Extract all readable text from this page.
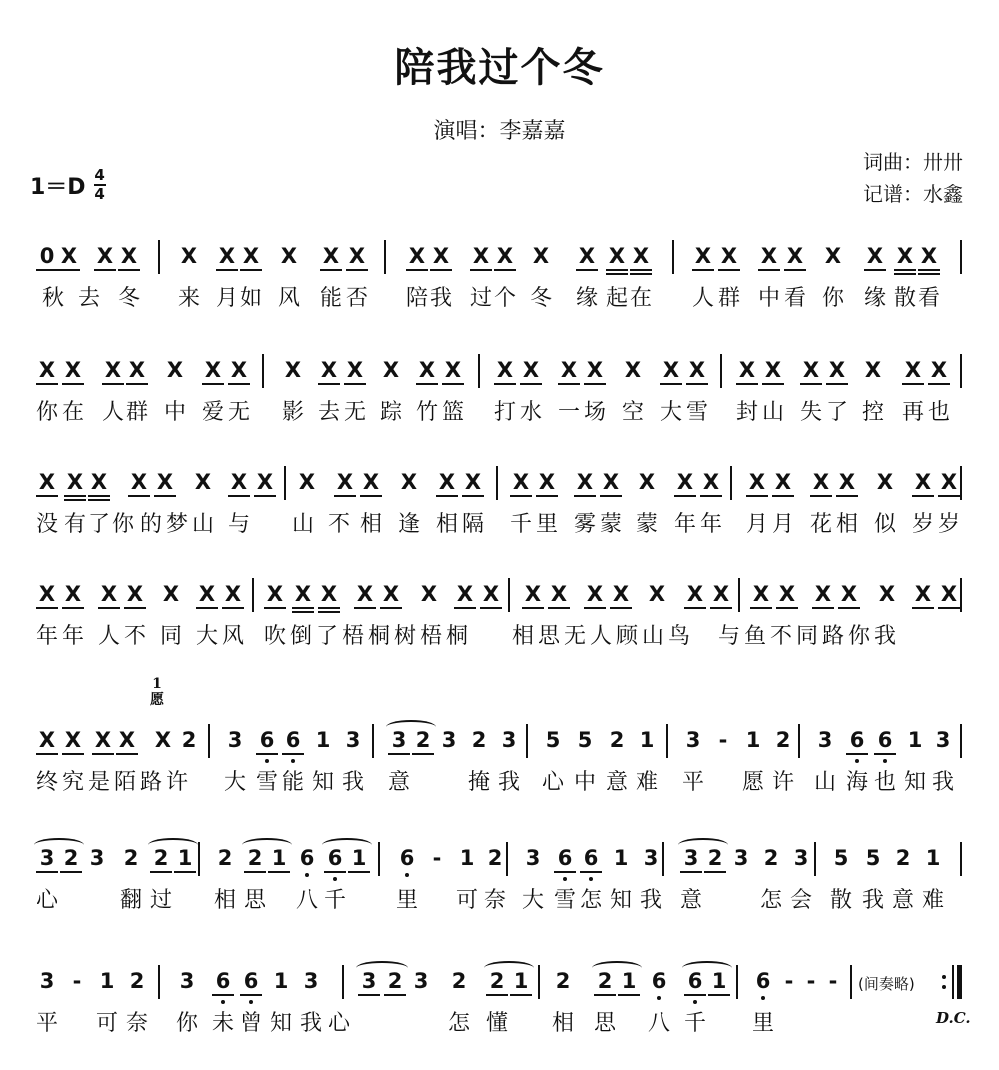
陪我过个冬
演唱：李嘉嘉
词曲：卅卅
记谱：水鑫
1＝D 4
4
0 X X X X X X X X X X X X X X X X X X X X X X X X X
秋 去 冬 来 月 如 风 能 否 陪 我 过 个 冬 缘 起 在 人 群 中 看 你 缘 散 看
X X X X X X X X X X X X X X X X X X X X X X X X X X X
你 在 人 群 中 爱 无 影 去 无 踪 竹 篮 打 水 一 场 空 大 雪 封 山 失 了 控 再 也
X X X X X X X X X X X X X X X X X X X X X X X X X X X X
没 有 了 你 的 梦 山 与 山 不 相 逢 相 隔 千 里 雾 蒙 蒙 年 年 月 月 花 相 似 岁 岁
X X X X X X X X X X X X X X X X X X X X X X X X X X X X X
年 年 人 不 同 大 风 吹 倒 了 梧 桐 树 梧 桐 相 思 无 人 顾 山 鸟 与 鱼 不 同 路 你 我
X X X X X 2 3 6 6 1 3 3 2 3 2 3 5 5 2 1 3 - 1 2 3 6 6 1 3
1
愿
终 究 是 陌 路 许 大 雪 能 知 我 意	掩 我 心 中 意 难 平 愿 许 山 海 也 知 我
3 2 3 2 2 1 2 2 1 6 6 1 6 - 1 2 3 6 6 1 3 3 2 3 2 3 5 5 2 1
心	翻 过 相 思 八 千 里 可 奈 大 雪 怎 知 我 意	怎 会 散 我 意 难
3 - 1 2 3 6 6 1 3 3 2 3 2 2 1 2 2 1 6 6 1 6 - - -	(间奏略)
D.C.
平 可 奈 你 未 曾 知 我 心	怎 懂 相 思 八 千 里
